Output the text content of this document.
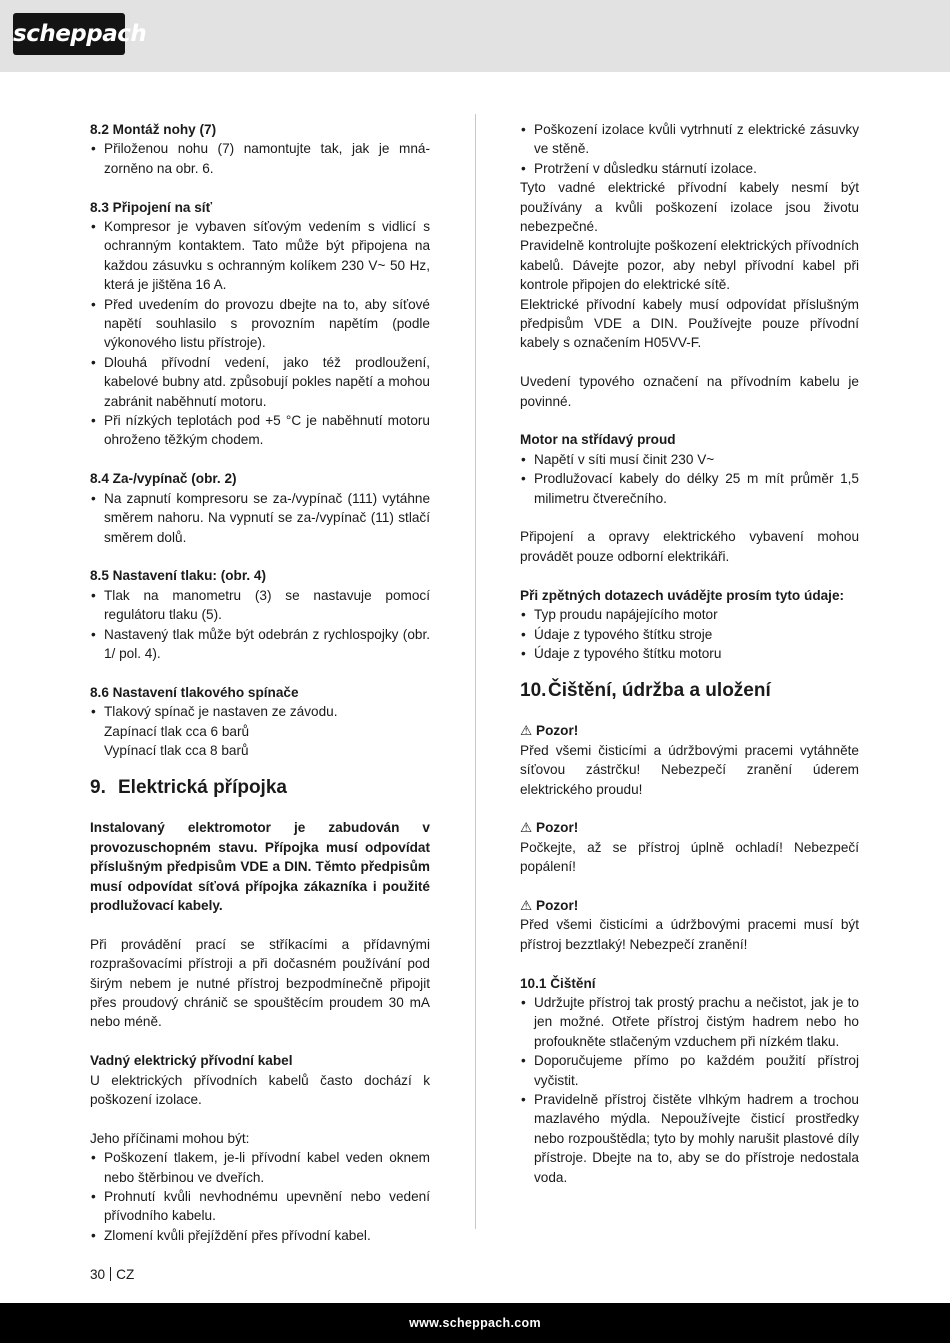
scheppach

8.2 Montáž nohy (7)

• Přiloženou nohu (7) namontujte tak, jak je mnázorněno na obr. 6.

8.3 Připojení na síť

• Kompresor je vybaven síťovým vedením s vidlicí s ochranným kontaktem. Tato může být připojena na každou zásuvku s ochranným kolíkem 230 V~ 50 Hz, která je jištěna 16 A.
• Před uvedením do provozu dbejte na to, aby síťové napětí souhlasilo s provozním napětím (podle výkonového listu přístroje).
• Dlouhá přívodní vedení, jako též prodloužení, kabelové bubny atd. způsobují pokles napětí a mohou zabránit naběhnutí motoru.
• Při nízkých teplotách pod +5 °C je naběhnutí motoru ohroženo těžkým chodem.

8.4 Za-/vypínač (obr. 2)

• Na zapnutí kompresoru se za-/vypínač (111) vytáhne směrem nahoru. Na vypnutí se za-/vypínač (11) stlačí směrem dolů.

8.5 Nastavení tlaku: (obr. 4)

• Tlak na manometru (3) se nastavuje pomocí regulátoru tlaku (5).
• Nastavený tlak může být odebrán z rychlospojky (obr. 1/ pol. 4).

8.6 Nastavení tlakového spínače

• Tlakový spínač je nastaven ze závodu.

Zapínací tlak cca 6 barů

Vypínací tlak cca 8 barů

9. Elektrická přípojka

Instalovaný elektromotor je zabudován v provozuschopném stavu. Přípojka musí odpovídat příslušným předpisům VDE a DIN. Těmto předpisům musí odpovídat síťová přípojka zákazníka i použité prodlužovací kabely.

Při provádění prací se stříkacími a přídavnými rozprašovacími přístroji a při dočasném používání pod širým nebem je nutné přístroj bezpodmínečně připojit přes proudový chránič se spouštěcím proudem 30 mA nebo méně.

Vadný elektrický přívodní kabel

U elektrických přívodních kabelů často dochází k poškození izolace.

Jeho příčinami mohou být:

• Poškození tlakem, je-li přívodní kabel veden oknem nebo štěrbinou ve dveřích.
• Prohnutí kvůli nevhodnému upevnění nebo vedení přívodního kabelu.
• Zlomení kvůli přejíždění přes přívodní kabel.
• Poškození izolace kvůli vytrhnutí z elektrické zásuvky ve stěně.
• Protržení v důsledku stárnutí izolace.

Tyto vadné elektrické přívodní kabely nesmí být používány a kvůli poškození izolace jsou životu nebezpečné.

Pravidelně kontrolujte poškození elektrických přívodních kabelů. Dávejte pozor, aby nebyl přívodní kabel při kontrole připojen do elektrické sítě.

Elektrické přívodní kabely musí odpovídat příslušným předpisům VDE a DIN. Používejte pouze přívodní kabely s označením H05VV-F.

Uvedení typového označení na přívodním kabelu je povinné.

Motor na střídavý proud

• Napětí v síti musí činit 230 V~
• Prodlužovací kabely do délky 25 m mít průměr 1,5 milimetru čtverečního.

Připojení a opravy elektrického vybavení mohou provádět pouze odborní elektrikáři.

Při zpětných dotazech uvádějte prosím tyto údaje:

• Typ proudu napájejícího motor
• Údaje z typového štítku stroje
• Údaje z typového štítku motoru

10.Čištění, údržba a uložení

⚠ Pozor!

Před všemi čisticími a údržbovými pracemi vytáhněte síťovou zástrčku! Nebezpečí zranění úderem elektrického proudu!

⚠ Pozor!

Počkejte, až se přístroj úplně ochladí! Nebezpečí popálení!

⚠ Pozor!

Před všemi čisticími a údržbovými pracemi musí být přístroj bezztlaký! Nebezpečí zranění!

10.1 Čištění

• Udržujte přístroj tak prostý prachu a nečistot, jak je to jen možné. Otřete přístroj čistým hadrem nebo ho profoukněte stlačeným vzduchem při nízkém tlaku.
• Doporučujeme přímo po každém použití přístroj vyčistit.
• Pravidelně přístroj čistěte vlhkým hadrem a trochou mazlavého mýdla. Nepoužívejte čisticí prostředky nebo rozpouštědla; tyto by mohly narušit plastové díly přístroje. Dbejte na to, aby se do přístroje nedostala voda.
30 CZ
www.scheppach.com
